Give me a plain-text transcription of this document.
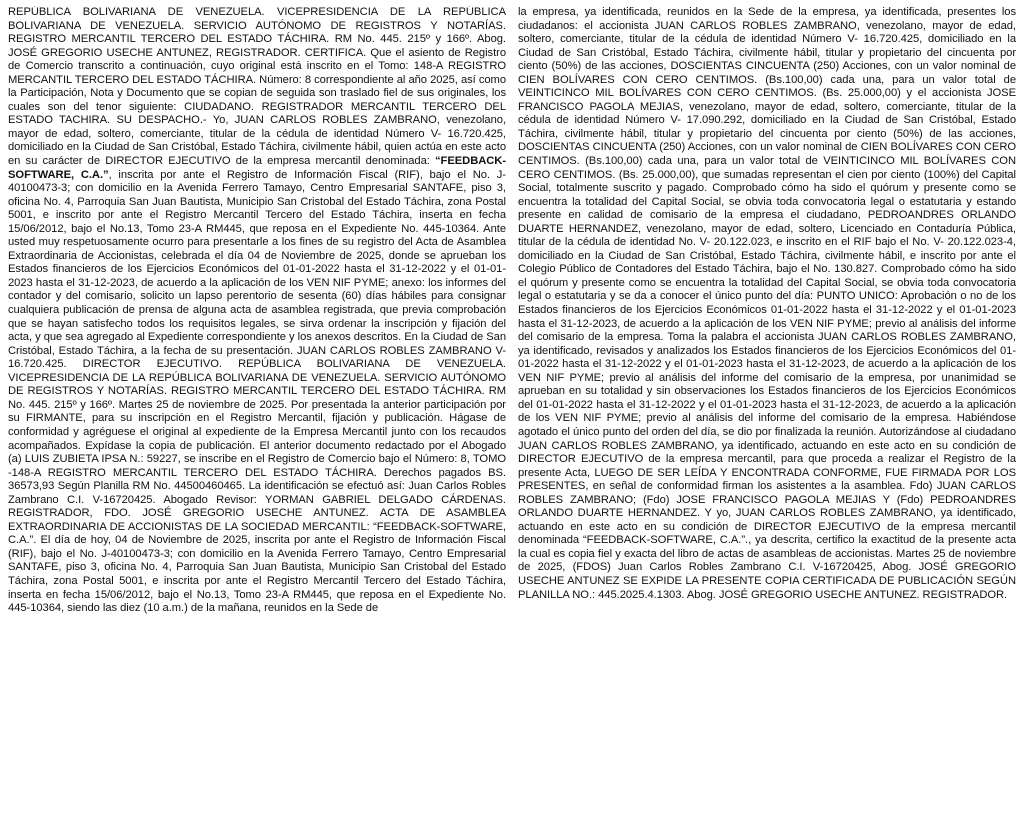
REPÚBLICA BOLIVARIANA DE VENEZUELA. VICEPRESIDENCIA DE LA REPÚBLICA BOLIVARIANA DE VENEZUELA. SERVICIO AUTÓNOMO DE REGISTROS Y NOTARÍAS. REGISTRO MERCANTIL TERCERO DEL ESTADO TÁCHIRA. RM No. 445. 215º y 166º. Abog. JOSÉ GREGORIO USECHE ANTUNEZ, REGISTRADOR. CERTIFICA. Que el asiento de Registro de Comercio transcrito a continuación, cuyo original está inscrito en el Tomo: 148-A REGISTRO MERCANTIL TERCERO DEL ESTADO TÁCHIRA. Número: 8 correspondiente al año 2025, así como la Participación, Nota y Documento que se copian de seguida son traslado fiel de sus originales, los cuales son del tenor siguiente: CIUDADANO. REGISTRADOR MERCANTIL TERCERO DEL ESTADO TACHIRA. SU DESPACHO.- Yo, JUAN CARLOS ROBLES ZAMBRANO, venezolano, mayor de edad, soltero, comerciante, titular de la cédula de identidad Número V- 16.720.425, domiciliado en la Ciudad de San Cristóbal, Estado Táchira, civilmente hábil, quien actúa en este acto en su carácter de DIRECTOR EJECUTIVO de la empresa mercantil denominada: “FEEDBACK-SOFTWARE, C.A.”, inscrita por ante el Registro de Información Fiscal (RIF), bajo el No. J-40100473-3; con domicilio en la Avenida Ferrero Tamayo, Centro Empresarial SANTAFE, piso 3, oficina No. 4, Parroquia San Juan Bautista, Municipio San Cristobal del Estado Táchira, zona Postal 5001, e inscrito por ante el Registro Mercantil Tercero del Estado Táchira, inserta en fecha 15/06/2012, bajo el No.13, Tomo 23-A RM445, que reposa en el Expediente No. 445-10364. Ante usted muy respetuosamente ocurro para presentarle a los fines de su registro del Acta de Asamblea Extraordinaria de Accionistas, celebrada el día 04 de Noviembre de 2025, donde se aprueban los Estados financieros de los Ejercicios Económicos del 01-01-2022 hasta el 31-12-2022 y el 01-01-2023 hasta el 31-12-2023, de acuerdo a la aplicación de los VEN NIF PYME; anexo: los informes del contador y del comisario, solicito un lapso perentorio de sesenta (60) días hábiles para consignar cualquiera publicación de prensa de alguna acta de asamblea registrada, que previa comprobación que se hayan satisfecho todos los requisitos legales, se sirva ordenar la inscripción y fijación del acta, y que sea agregado al Expediente correspondiente y los anexos descritos. En la Ciudad de San Cristóbal, Estado Táchira, a la fecha de su presentación. JUAN CARLOS ROBLES ZAMBRANO V- 16.720.425. DIRECTOR EJECUTIVO. REPÚBLICA BOLIVARIANA DE VENEZUELA. VICEPRESIDENCIA DE LA REPÚBLICA BOLIVARIANA DE VENEZUELA. SERVICIO AUTÓNOMO DE REGISTROS Y NOTARÍAS. REGISTRO MERCANTIL TERCERO DEL ESTADO TÁCHIRA. RM No. 445. 215º y 166º. Martes 25 de noviembre de 2025. Por presentada la anterior participación por su FIRMANTE, para su inscripción en el Registro Mercantil, fijación y publicación. Hágase de conformidad y agréguese el original al expediente de la Empresa Mercantil junto con los recaudos acompañados. Expídase la copia de publicación. El anterior documento redactado por el Abogado (a) LUIS ZUBIETA IPSA N.: 59227, se inscribe en el Registro de Comercio bajo el Número: 8, TOMO -148-A REGISTRO MERCANTIL TERCERO DEL ESTADO TÁCHIRA. Derechos pagados BS. 36573,93 Según Planilla RM No. 44500460465. La identificación se efectuó así: Juan Carlos Robles Zambrano C.I. V-16720425. Abogado Revisor: YORMAN GABRIEL DELGADO CÁRDENAS. REGISTRADOR, FDO. JOSÉ GREGORIO USECHE ANTUNEZ. ACTA DE ASAMBLEA EXTRAORDINARIA DE ACCIONISTAS DE LA SOCIEDAD MERCANTIL: “FEEDBACK-SOFTWARE, C.A.”. El día de hoy, 04 de Noviembre de 2025, inscrita por ante el Registro de Información Fiscal (RIF), bajo el No. J-40100473-3; con domicilio en la Avenida Ferrero Tamayo, Centro Empresarial SANTAFE, piso 3, oficina No. 4, Parroquia San Juan Bautista, Municipio San Cristobal del Estado Táchira, zona Postal 5001, e inscrita por ante el Registro Mercantil Tercero del Estado Táchira, inserta en fecha 15/06/2012, bajo el No.13, Tomo 23-A RM445, que reposa en el Expediente No. 445-10364, siendo las diez (10 a.m.) de la mañana, reunidos en la Sede de

la empresa, ya identificada, reunidos en la Sede de la empresa, ya identificada, presentes los ciudadanos: el accionista JUAN CARLOS ROBLES ZAMBRANO, venezolano, mayor de edad, soltero, comerciante, titular de la cédula de identidad Número V- 16.720.425, domiciliado en la Ciudad de San Cristóbal, Estado Táchira, civilmente hábil, titular y propietario del cincuenta por ciento (50%) de las acciones, DOSCIENTAS CINCUENTA (250) Acciones, con un valor nominal de CIEN BOLÍVARES CON CERO CENTIMOS. (Bs.100,00) cada una, para un valor total de VEINTICINCO MIL BOLÍVARES CON CERO CENTIMOS. (Bs. 25.000,00) y el accionista JOSE FRANCISCO PAGOLA MEJIAS, venezolano, mayor de edad, soltero, comerciante, titular de la cédula de identidad Número V- 17.090.292, domiciliado en la Ciudad de San Cristóbal, Estado Táchira, civilmente hábil, titular y propietario del cincuenta por ciento (50%) de las acciones, DOSCIENTAS CINCUENTA (250) Acciones, con un valor nominal de CIEN BOLÍVARES CON CERO CENTIMOS. (Bs.100,00) cada una, para un valor total de VEINTICINCO MIL BOLÍVARES CON CERO CENTIMOS. (Bs. 25.000,00), que sumadas representan el cien por ciento (100%) del Capital Social, totalmente suscrito y pagado. Comprobado cómo ha sido el quórum y presente como se encuentra la totalidad del Capital Social, se obvia toda convocatoria legal o estatutaria y estando presente en calidad de comisario de la empresa el ciudadano, PEDROANDRES ORLANDO DUARTE HERNANDEZ, venezolano, mayor de edad, soltero, Licenciado en Contaduría Pública, titular de la cédula de identidad No. V- 20.122.023, e inscrito en el RIF bajo el No. V- 20.122.023-4, domiciliado en la Ciudad de San Cristóbal, Estado Táchira, civilmente hábil, e inscrito por ante el Colegio Público de Contadores del Estado Táchira, bajo el No. 130.827. Comprobado cómo ha sido el quórum y presente como se encuentra la totalidad del Capital Social, se obvia toda convocatoria legal o estatutaria y se da a conocer el único punto del día: PUNTO UNICO: Aprobación o no de los Estados financieros de los Ejercicios Económicos 01-01-2022 hasta el 31-12-2022 y el 01-01-2023 hasta el 31-12-2023, de acuerdo a la aplicación de los VEN NIF PYME; previo al análisis del informe del comisario de la empresa. Toma la palabra el accionista JUAN CARLOS ROBLES ZAMBRANO, ya identificado, revisados y analizados los Estados financieros de los Ejercicios Económicos del 01-01-2022 hasta el 31-12-2022 y el 01-01-2023 hasta el 31-12-2023, de acuerdo a la aplicación de los VEN NIF PYME; previo al análisis del informe del comisario de la empresa, por unanimidad se aprueban en su totalidad y sin observaciones los Estados financieros de los Ejercicios Económicos del 01-01-2022 hasta el 31-12-2022 y el 01-01-2023 hasta el 31-12-2023, de acuerdo a la aplicación de los VEN NIF PYME; previo al análisis del informe del comisario de la empresa. Habiéndose agotado el único punto del orden del día, se dio por finalizada la reunión. Autorizándose al ciudadano JUAN CARLOS ROBLES ZAMBRANO, ya identificado, actuando en este acto en su condición de DIRECTOR EJECUTIVO de la empresa mercantil, para que proceda a realizar el Registro de la presente Acta, LUEGO DE SER LEÍDA Y ENCONTRADA CONFORME, FUE FIRMADA POR LOS PRESENTES, en señal de conformidad firman los asistentes a la asamblea. Fdo) JUAN CARLOS ROBLES ZAMBRANO; (Fdo) JOSE FRANCISCO PAGOLA MEJIAS Y (Fdo) PEDROANDRES ORLANDO DUARTE HERNANDEZ. Y yo, JUAN CARLOS ROBLES ZAMBRANO, ya identificado, actuando en este acto en su condición de DIRECTOR EJECUTIVO de la empresa mercantil denominada “FEEDBACK-SOFTWARE, C.A.”., ya descrita, certifico la exactitud de la presente acta la cual es copia fiel y exacta del libro de actas de asambleas de accionistas. Martes 25 de noviembre de 2025, (FDOS) Juan Carlos Robles Zambrano C.I. V-16720425, Abog. JOSÉ GREGORIO USECHE ANTUNEZ SE EXPIDE LA PRESENTE COPIA CERTIFICADA DE PUBLICACIÓN SEGÚN PLANILLA NO.: 445.2025.4.1303. Abog. JOSÉ GREGORIO USECHE ANTUNEZ. REGISTRADOR.
